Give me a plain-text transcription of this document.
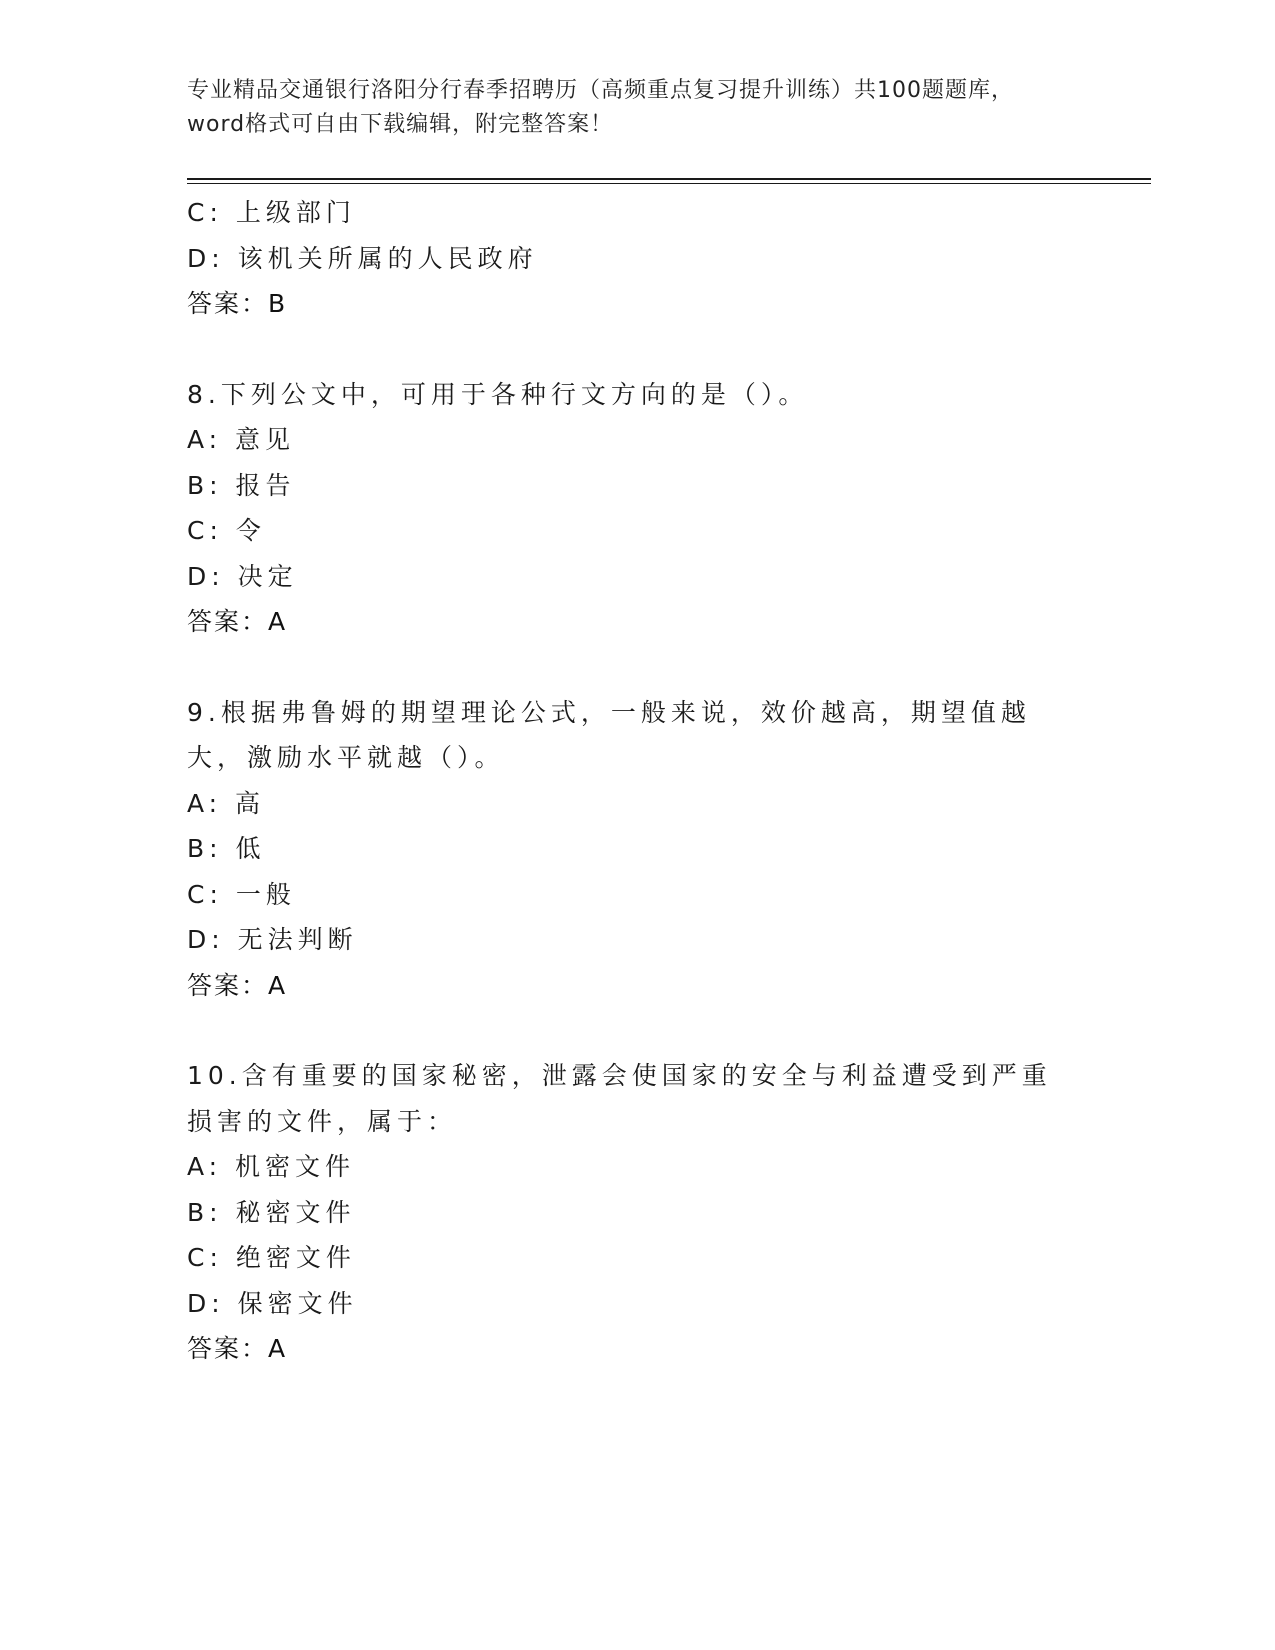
专业精品交通银行洛阳分行春季招聘历（高频重点复习提升训练）共100题题库，word格式可自由下载编辑，附完整答案！
C: 上级部门
D: 该机关所属的人民政府
答案：B
8.下列公文中，可用于各种行文方向的是（）。
A: 意见
B: 报告
C: 令
D: 决定
答案：A
9.根据弗鲁姆的期望理论公式，一般来说，效价越高，期望值越大，激励水平就越（）。
A: 高
B: 低
C: 一般
D: 无法判断
答案：A
10.含有重要的国家秘密，泄露会使国家的安全与利益遭受到严重损害的文件，属于：
A: 机密文件
B: 秘密文件
C: 绝密文件
D: 保密文件
答案：A
